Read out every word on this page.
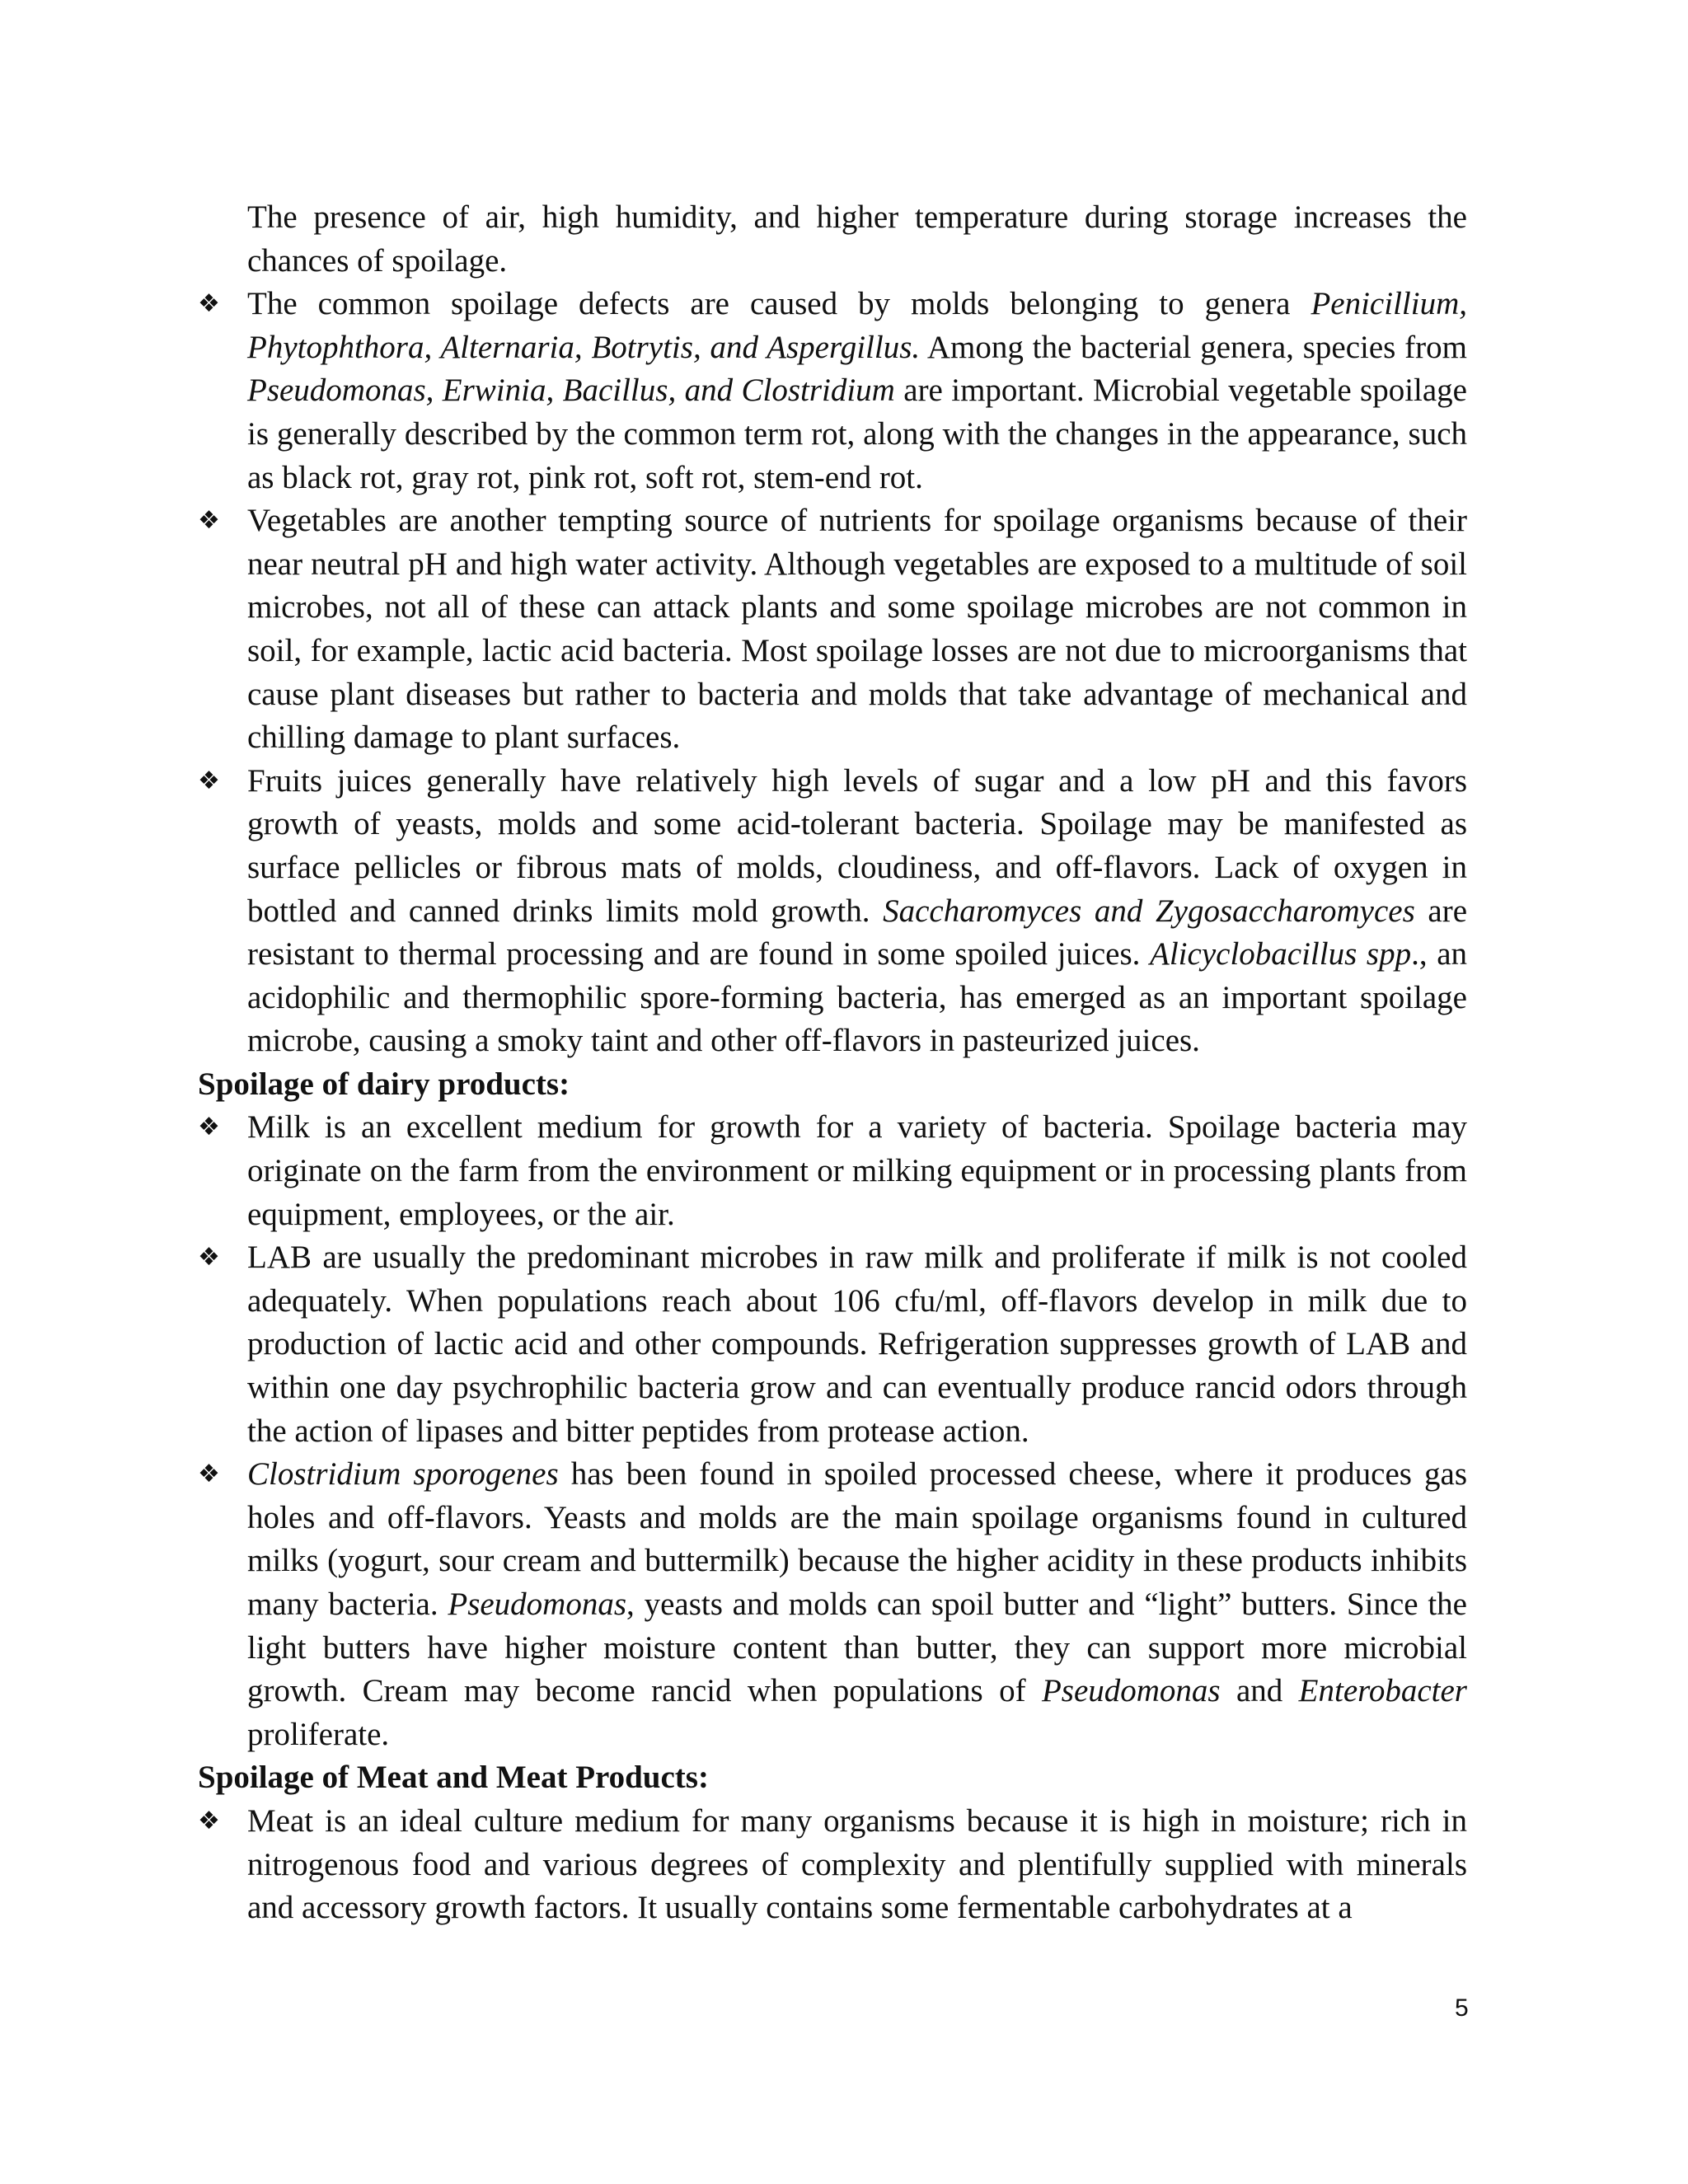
The presence of air, high humidity, and higher temperature during storage increases the chances of spoilage.

❖ The common spoilage defects are caused by molds belonging to genera Penicillium, Phytophthora, Alternaria, Botrytis, and Aspergillus. Among the bacterial genera, species from Pseudomonas, Erwinia, Bacillus, and Clostridium are important. Microbial vegetable spoilage is generally described by the common term rot, along with the changes in the appearance, such as black rot, gray rot, pink rot, soft rot, stem-end rot.

❖ Vegetables are another tempting source of nutrients for spoilage organisms because of their near neutral pH and high water activity. Although vegetables are exposed to a multitude of soil microbes, not all of these can attack plants and some spoilage microbes are not common in soil, for example, lactic acid bacteria. Most spoilage losses are not due to microorganisms that cause plant diseases but rather to bacteria and molds that take advantage of mechanical and chilling damage to plant surfaces.

❖ Fruits juices generally have relatively high levels of sugar and a low pH and this favors growth of yeasts, molds and some acid-tolerant bacteria. Spoilage may be manifested as surface pellicles or fibrous mats of molds, cloudiness, and off-flavors. Lack of oxygen in bottled and canned drinks limits mold growth. Saccharomyces and Zygosaccharomyces are resistant to thermal processing and are found in some spoiled juices. Alicyclobacillus spp., an acidophilic and thermophilic spore-forming bacteria, has emerged as an important spoilage microbe, causing a smoky taint and other off-flavors in pasteurized juices.

Spoilage of dairy products:

❖ Milk is an excellent medium for growth for a variety of bacteria. Spoilage bacteria may originate on the farm from the environment or milking equipment or in processing plants from equipment, employees, or the air.

❖ LAB are usually the predominant microbes in raw milk and proliferate if milk is not cooled adequately. When populations reach about 106 cfu/ml, off-flavors develop in milk due to production of lactic acid and other compounds. Refrigeration suppresses growth of LAB and within one day psychrophilic bacteria grow and can eventually produce rancid odors through the action of lipases and bitter peptides from protease action.

❖ Clostridium sporogenes has been found in spoiled processed cheese, where it produces gas holes and off-flavors. Yeasts and molds are the main spoilage organisms found in cultured milks (yogurt, sour cream and buttermilk) because the higher acidity in these products inhibits many bacteria. Pseudomonas, yeasts and molds can spoil butter and “light” butters. Since the light butters have higher moisture content than butter, they can support more microbial growth. Cream may become rancid when populations of Pseudomonas and Enterobacter proliferate.

Spoilage of Meat and Meat Products:

❖ Meat is an ideal culture medium for many organisms because it is high in moisture; rich in nitrogenous food and various degrees of complexity and plentifully supplied with minerals and accessory growth factors. It usually contains some fermentable carbohydrates at a

5
